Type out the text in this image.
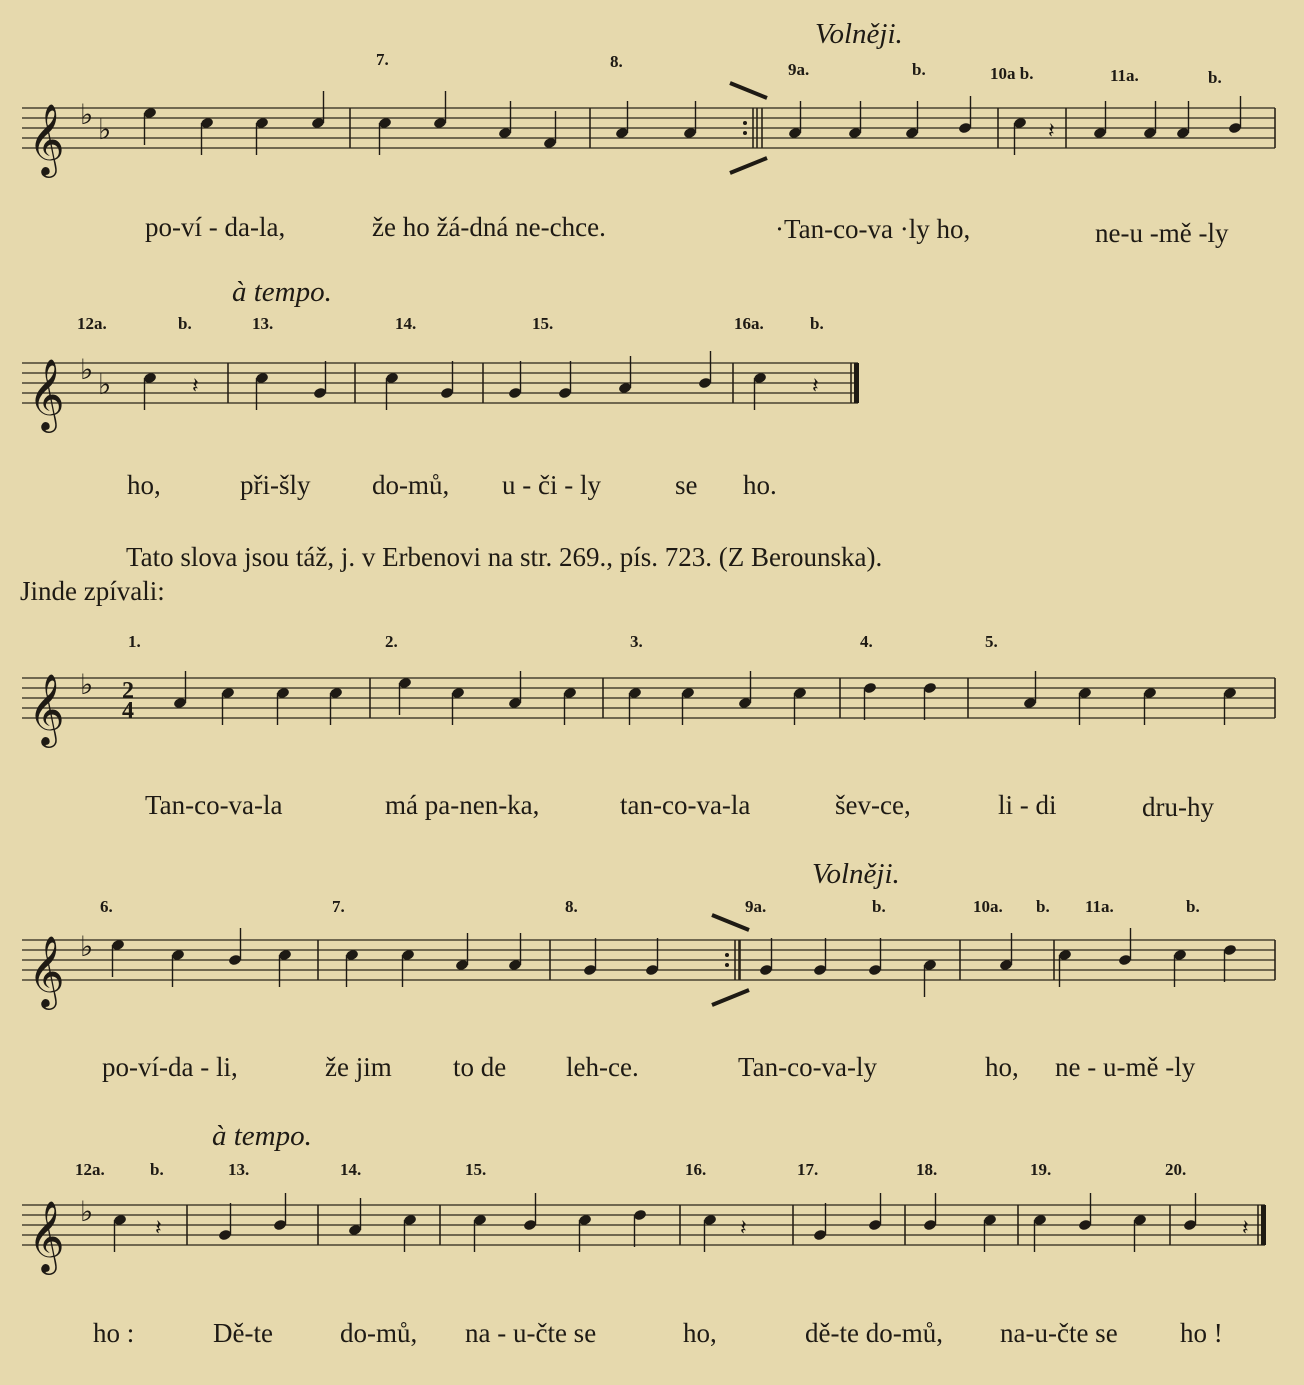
𝄞 ♭ ♭
𝄞 ♭ ♭
𝄞 ♭ 2
4
𝄞 ♭
𝄞 ♭
𝄽
𝄽	𝄽
𝄽	𝄽	𝄽
Volněji.
7.	8.	9a.	b.	10a b.	11a.	b.
po-ví - da-la,	že ho žá-dná ne-chce.	·Tan-co-va ·ly ho,	ne-u -mě -ly
à tempo.
12a.	b.	13.	14.	15.	16a.	b.
ho,	při-šly do-mů, u - či - ly	se ho.
Tato slova jsou táž, j. v Erbenovi na str. 269., pís. 723. (Z Berounska).
Jinde zpívali:
1.	2.	3.	4.	5.
Tan-co-va-la	má pa-nen-ka,	tan-co-va-la	šev-ce,	li - di	dru-hy
Volněji.
6.	7.	8.	9a.	b.	10a. b. 11a.	b.
po-ví-da - li,	že jim to de leh-ce.	Tan-co-va-ly	ho, ne - u-mě -ly
à tempo.
12a.	b.	13.	14.	15.	16.	17.	18.	19.	20.
ho :	Dě-te do-mů, na - u-čte se	ho,	dě-te do-mů, na-u-čte se ho !
